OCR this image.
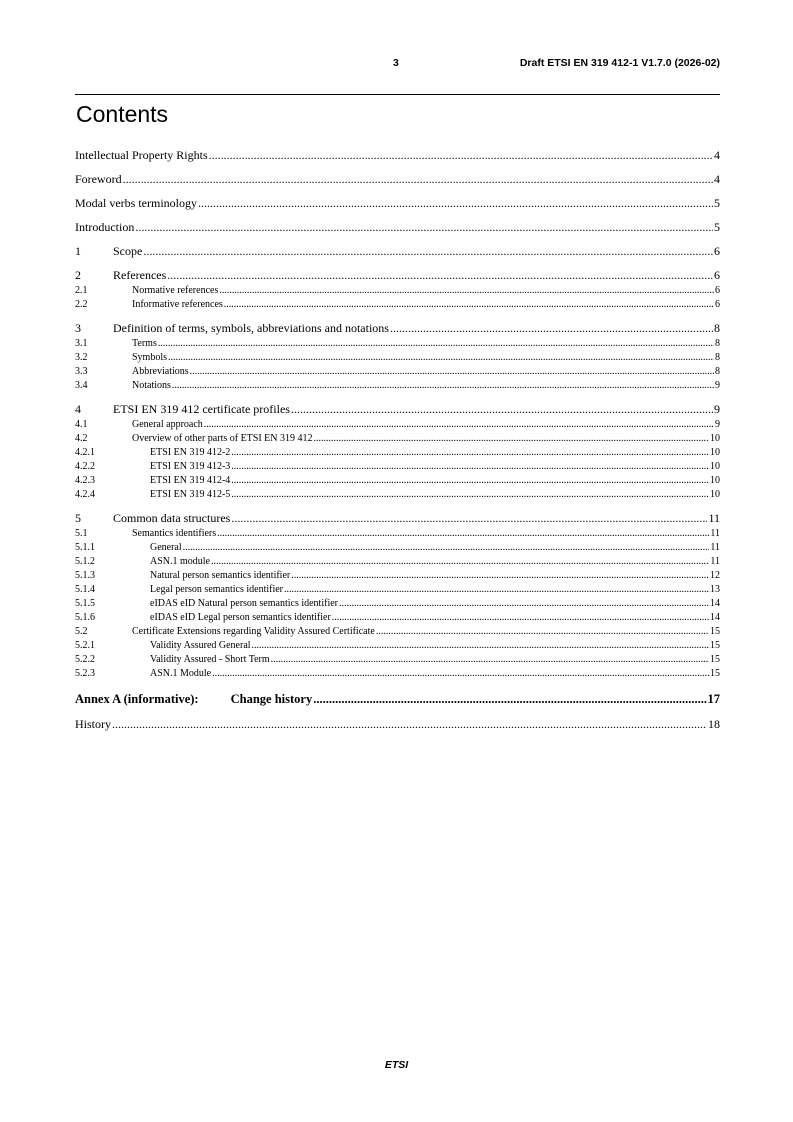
3	Draft ETSI EN 319 412-1 V1.7.0 (2026-02)
Contents
Intellectual Property Rights .....	4
Foreword .....	4
Modal verbs terminology .....	5
Introduction .....	5
1	Scope .....	6
2	References .....	6
2.1	Normative references .....	6
2.2	Informative references .....	6
3	Definition of terms, symbols, abbreviations and notations .....	8
3.1	Terms .....	8
3.2	Symbols .....	8
3.3	Abbreviations .....	8
3.4	Notations .....	9
4	ETSI EN 319 412 certificate profiles .....	9
4.1	General approach .....	9
4.2	Overview of other parts of ETSI EN 319 412 .....	10
4.2.1	ETSI EN 319 412-2 .....	10
4.2.2	ETSI EN 319 412-3 .....	10
4.2.3	ETSI EN 319 412-4 .....	10
4.2.4	ETSI EN 319 412-5 .....	10
5	Common data structures .....	11
5.1	Semantics identifiers .....	11
5.1.1	General .....	11
5.1.2	ASN.1 module .....	11
5.1.3	Natural person semantics identifier .....	12
5.1.4	Legal person semantics identifier .....	13
5.1.5	eIDAS eID Natural person semantics identifier .....	14
5.1.6	eIDAS eID Legal person semantics identifier .....	14
5.2	Certificate Extensions regarding Validity Assured Certificate .....	15
5.2.1	Validity Assured General .....	15
5.2.2	Validity Assured - Short Term .....	15
5.2.3	ASN.1 Module .....	15
Annex A (informative):	Change history .....	17
History .....	18
ETSI
